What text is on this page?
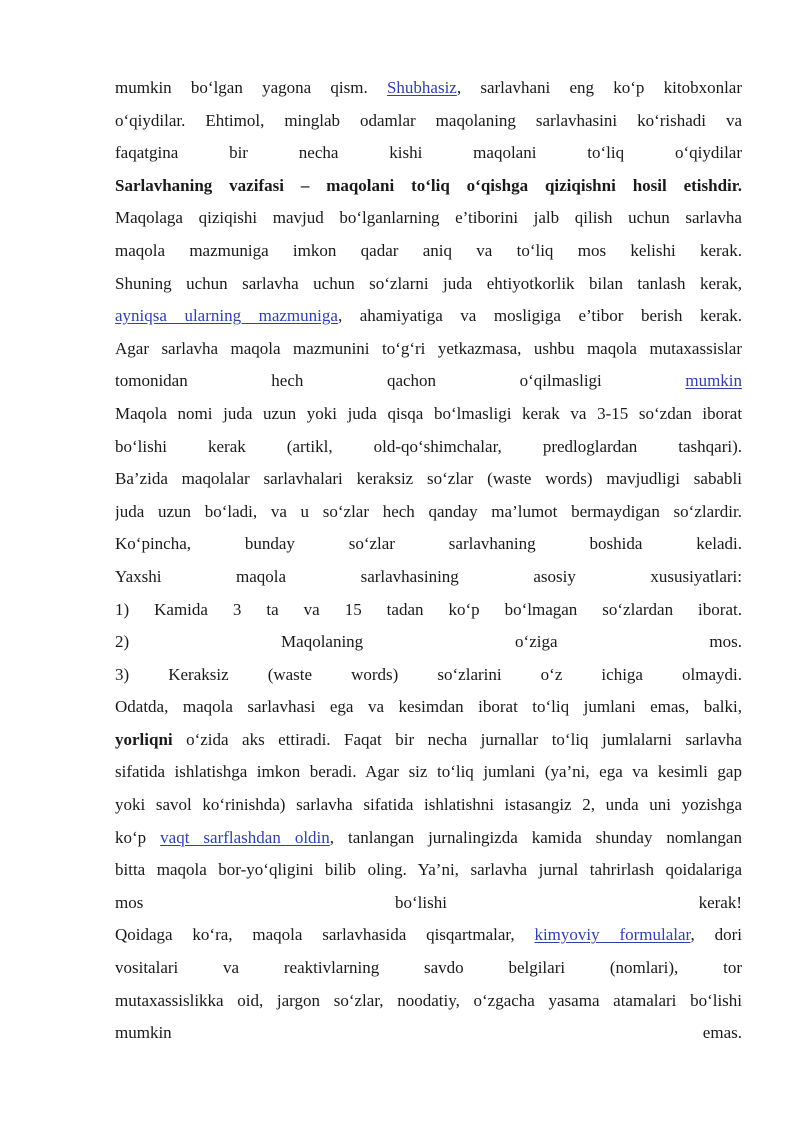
mumkin bo‘lgan yagona qism. Shubhasiz, sarlavhani eng ko‘p kitobxonlar
o‘qiydilar. Ehtimol, minglab odamlar maqolaning sarlavhasini ko‘rishadi va
faqatgina bir necha kishi maqolani to‘liq o‘qiydilar
Sarlavhaning vazifasi – maqolani to‘liq o‘qishga qiziqishni hosil etishdir.
Maqolaga qiziqishi mavjud bo‘lganlarning e’tiborini jalb qilish uchun sarlavha
maqola mazmuniga imkon qadar aniq va to‘liq mos kelishi kerak.
Shuning uchun sarlavha uchun so‘zlarni juda ehtiyotkorlik bilan tanlash kerak,
ayniqsa ularning mazmuniga, ahamiyatiga va mosligiga e’tibor berish kerak.
Agar sarlavha maqola mazmunini to‘g‘ri yetkazmasa, ushbu maqola mutaxassislar
tomonidan hech qachon o‘qilmasligi mumkin
Maqola nomi juda uzun yoki juda qisqa bo‘lmasligi kerak va 3-15 so‘zdan iborat
bo‘lishi kerak (artikl, old-qo‘shimchalar, predloglardan tashqari).
Ba’zida maqolalar sarlavhalari keraksiz so‘zlar (waste words) mavjudligi sababli
juda uzun bo‘ladi, va u so‘zlar hech qanday ma’lumot bermaydigan so‘zlardir.
Ko‘pincha, bunday so‘zlar sarlavhaning boshida keladi.
Yaxshi maqola sarlavhasining asosiy xususiyatlari:
1) Kamida 3 ta va 15 tadan ko‘p bo‘lmagan so‘zlardan iborat.
2) Maqolaning o‘ziga mos.
3) Keraksiz (waste words) so‘zlarini o‘z ichiga olmaydi.
Odatda, maqola sarlavhasi ega va kesimdan iborat to‘liq jumlani emas, balki,
yorliqni o‘zida aks ettiradi. Faqat bir necha jurnallar to‘liq jumlalarni sarlavha
sifatida ishlatishga imkon beradi. Agar siz to‘liq jumlani (ya’ni, ega va kesimli gap
yoki savol ko‘rinishda) sarlavha sifatida ishlatishni istasangiz 2, unda uni yozishga
ko‘p vaqt sarflashdan oldin, tanlangan jurnalingizda kamida shunday nomlangan
bitta maqola bor-yo‘qligini bilib oling. Ya’ni, sarlavha jurnal tahrirlash qoidalariga
mos bo‘lishi kerak!
Qoidaga ko‘ra, maqola sarlavhasida qisqartmalar, kimyoviy formulalar, dori
vositalari va reaktivlarning savdo belgilari (nomlari), tor
mutaxassislikka oid, jargon so‘zlar, noodatiy, o‘zgacha yasama atamalari bo‘lishi
mumkin emas.
